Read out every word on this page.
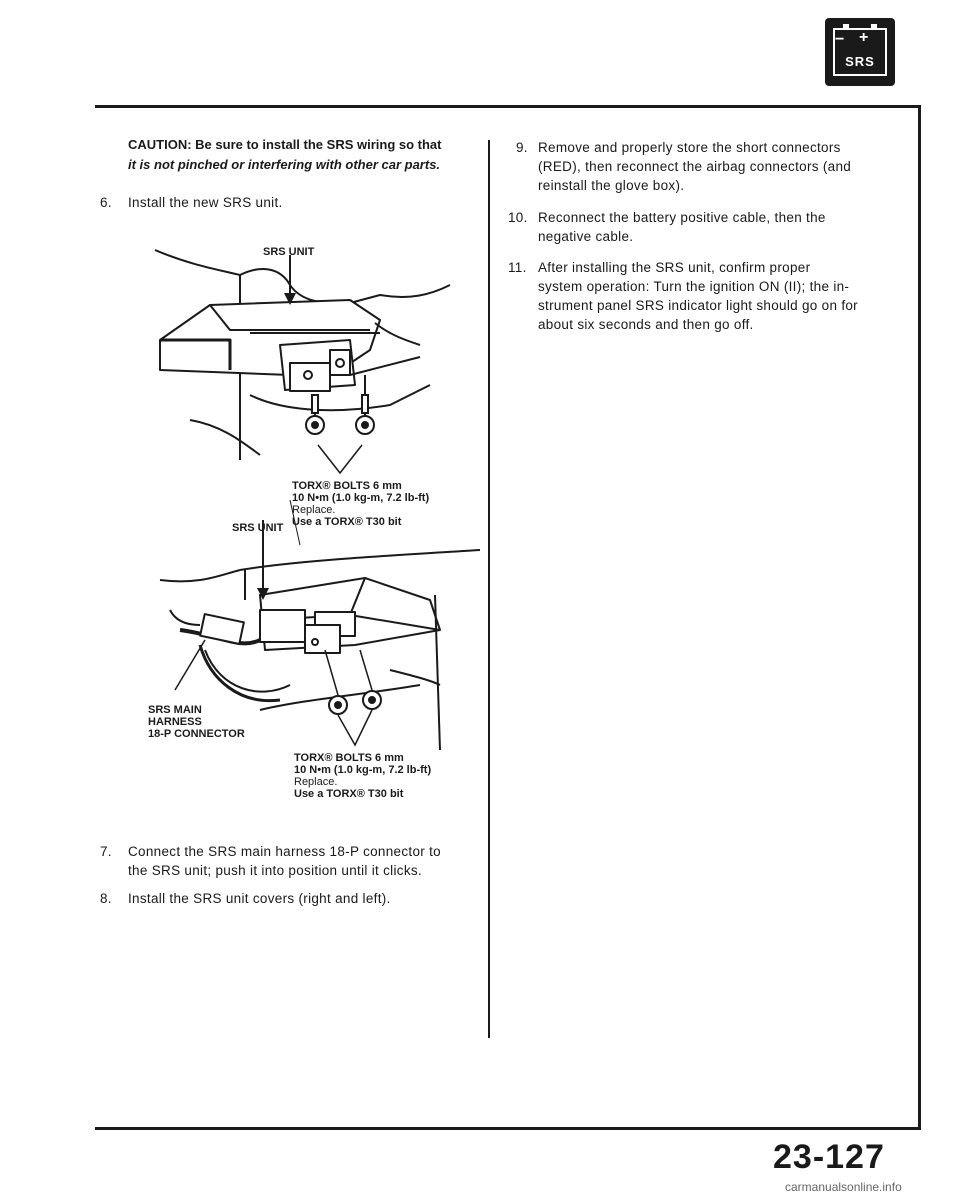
− +
SRS
CAUTION: Be sure to install the SRS wiring so that
it is not pinched or interfering with other car parts.
6. Install the new SRS unit.
SRS UNIT
TORX® BOLTS 6 mm
10 N•m (1.0 kg-m, 7.2 lb-ft)
Replace.
Use a TORX® T30 bit
SRS UNIT
SRS MAIN
HARNESS
18-P CONNECTOR
TORX® BOLTS 6 mm
10 N•m (1.0 kg-m, 7.2 lb-ft)
Replace.
Use a TORX® T30 bit
7. Connect the SRS main harness 18-P connector to
the SRS unit; push it into position until it clicks.
8. Install the SRS unit covers (right and left).
9. Remove and properly store the short connectors
(RED), then reconnect the airbag connectors (and
reinstall the glove box).
10. Reconnect the battery positive cable, then the
negative cable.
11. After installing the SRS unit, confirm proper
system operation: Turn the ignition ON (II); the in-
strument panel SRS indicator light should go on for
about six seconds and then go off.
23-127
carmanualsonline.info
